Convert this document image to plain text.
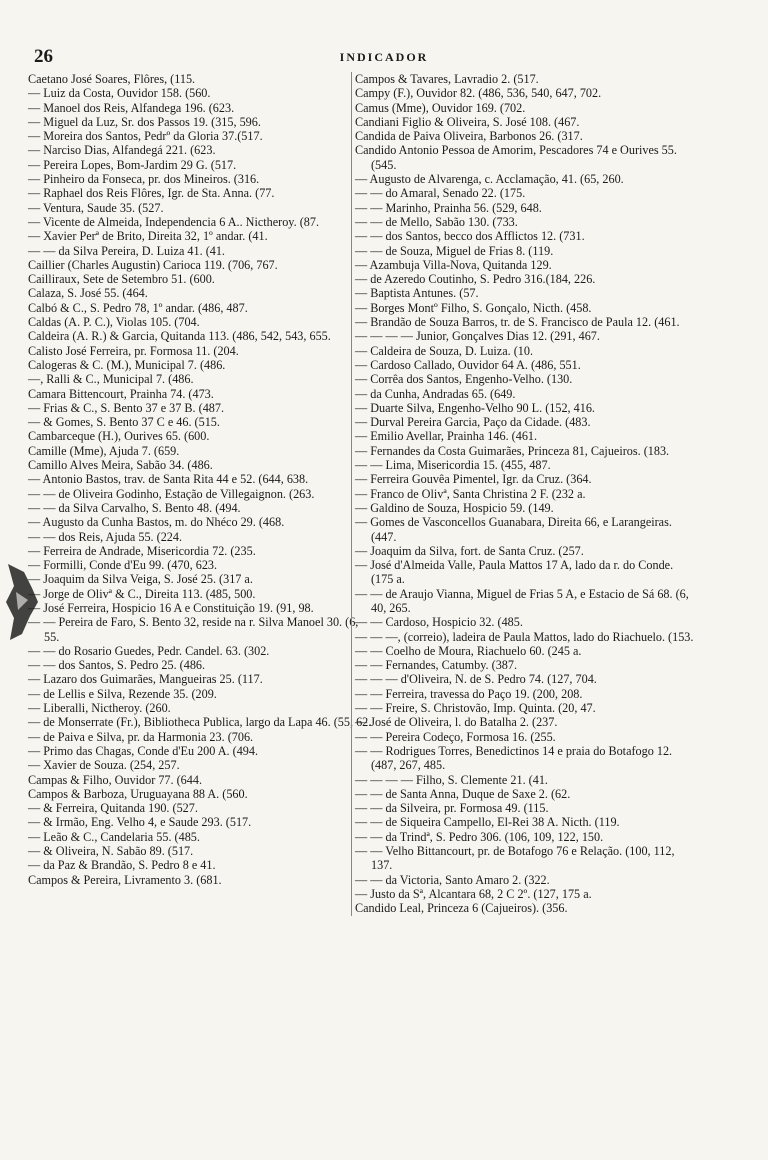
26	INDICADOR

Caetano José Soares, Flôres, (115.

— Luiz da Costa, Ouvidor 158. (560.

— Manoel dos Reis, Alfandega 196. (623.

— Miguel da Luz, Sr. dos Passos 19. (315, 596.

— Moreira dos Santos, Pedrº da Gloria 37.(517.

— Narciso Dias, Alfandegá 221. (623.

— Pereira Lopes, Bom-Jardim 29 G. (517.

— Pinheiro da Fonseca, pr. dos Mineiros. (316.

— Raphael dos Reis Flôres, Igr. de Sta. Anna. (77.

— Ventura, Saude 35. (527.

— Vicente de Almeida, Independencia 6 A.. Nictheroy. (87.

— Xavier Perª de Brito, Direita 32, 1º andar. (41.

— — da Silva Pereira, D. Luiza 41. (41.

Caillier (Charles Augustin) Carioca 119. (706, 767.

Cailliraux, Sete de Setembro 51. (600.

Calaza, S. José 55. (464.

Calbó & C., S. Pedro 78, 1º andar. (486, 487.

Caldas (A. P. C.), Violas 105. (704.

Caldeira (A. R.) & Garcia, Quitanda 113. (486, 542, 543, 655.

Calisto José Ferreira, pr. Formosa 11. (204.

Calogeras & C. (M.), Municipal 7. (486.

—, Ralli & C., Municipal 7. (486.

Camara Bittencourt, Prainha 74. (473.

— Frias & C., S. Bento 37 e 37 B. (487.

— & Gomes, S. Bento 37 C e 46. (515.

Cambarceque (H.), Ourives 65. (600.

Camille (Mme), Ajuda 7. (659.

Camillo Alves Meira, Sabão 34. (486.

— Antonio Bastos, trav. de Santa Rita 44 e 52. (644, 638.

— — de Oliveira Godinho, Estação de Villegaignon. (263.

— — da Silva Carvalho, S. Bento 48. (494.

— Augusto da Cunha Bastos, m. do Nhéco 29. (468.

— — dos Reis, Ajuda 55. (224.

— Ferreira de Andrade, Misericordia 72. (235.

— Formilli, Conde d'Eu 99. (470, 623.

— Joaquim da Silva Veiga, S. José 25. (317 a.

— Jorge de Olivª & C., Direita 113. (485, 500.

— José Ferreira, Hospicio 16 A e Constituição 19. (91, 98.

— — Pereira de Faro, S. Bento 32, reside na r. Silva Manoel 30. (6, 55.

— — do Rosario Guedes, Pedr. Candel. 63. (302.

— — dos Santos, S. Pedro 25. (486.

— Lazaro dos Guimarães, Mangueiras 25. (117.

— de Lellis e Silva, Rezende 35. (209.

— Liberalli, Nictheroy. (260.

— de Monserrate (Fr.), Bibliotheca Publica, largo da Lapa 46. (55, 62.

— de Paiva e Silva, pr. da Harmonia 23. (706.

— Primo das Chagas, Conde d'Eu 200 A. (494.

— Xavier de Souza. (254, 257.

Campas & Filho, Ouvidor 77. (644.

Campos & Barboza, Uruguayana 88 A. (560.

— & Ferreira, Quitanda 190. (527.

— & Irmão, Eng. Velho 4, e Saude 293. (517.

— Leão & C., Candelaria 55. (485.

— & Oliveira, N. Sabão 89. (517.

— da Paz & Brandão, S. Pedro 8 e 41.

Campos & Pereira, Livramento 3. (681.

Campos & Tavares, Lavradio 2. (517.

Campy (F.), Ouvidor 82. (486, 536, 540, 647, 702.

Camus (Mme), Ouvidor 169. (702.

Candiani Figlio & Oliveira, S. José 108. (467.

Candida de Paiva Oliveira, Barbonos 26. (317.

Candido Antonio Pessoa de Amorim, Pescadores 74 e Ourives 55. (545.

— Augusto de Alvarenga, c. Acclamação, 41. (65, 260.

— — do Amaral, Senado 22. (175.

— — Marinho, Prainha 56. (529, 648.

— — de Mello, Sabão 130. (733.

— — dos Santos, becco dos Afflictos 12. (731.

— — de Souza, Miguel de Frias 8. (119.

— Azambuja Villa-Nova, Quitanda 129.

— de Azeredo Coutinho, S. Pedro 316.(184, 226.

— Baptista Antunes. (57.

— Borges Montº Filho, S. Gonçalo, Nicth. (458.

— Brandão de Souza Barros, tr. de S. Francisco de Paula 12. (461.

— — — — Junior, Gonçalves Dias 12. (291, 467.

— Caldeira de Souza, D. Luiza. (10.

— Cardoso Callado, Ouvidor 64 A. (486, 551.

— Corrêa dos Santos, Engenho-Velho. (130.

— da Cunha, Andradas 65. (649.

— Duarte Silva, Engenho-Velho 90 L. (152, 416.

— Durval Pereira Garcia, Paço da Cidade. (483.

— Emilio Avellar, Prainha 146. (461.

— Fernandes da Costa Guimarães, Princeza 81, Cajueiros. (183.

— — Lima, Misericordia 15. (455, 487.

— Ferreira Gouvêa Pimentel, Igr. da Cruz. (364.

— Franco de Olivª, Santa Christina 2 F. (232 a.

— Galdino de Souza, Hospicio 59. (149.

— Gomes de Vasconcellos Guanabara, Direita 66, e Larangeiras. (447.

— Joaquim da Silva, fort. de Santa Cruz. (257.

— José d'Almeida Valle, Paula Mattos 17 A, lado da r. do Conde. (175 a.

— — de Araujo Vianna, Miguel de Frias 5 A, e Estacio de Sá 68. (6, 40, 265.

— — Cardoso, Hospicio 32. (485.

— — —, (correio), ladeira de Paula Mattos, lado do Riachuelo. (153.

— — Coelho de Moura, Riachuelo 60. (245 a.

— — Fernandes, Catumby. (387.

— — — d'Oliveira, N. de S. Pedro 74. (127, 704.

— — Ferreira, travessa do Paço 19. (200, 208.

— — Freire, S. Christovão, Imp. Quinta. (20, 47.

— José de Oliveira, l. do Batalha 2. (237.

— — Pereira Codeço, Formosa 16. (255.

— — Rodrigues Torres, Benedictinos 14 e praia do Botafogo 12. (487, 267, 485.

— — — — Filho, S. Clemente 21. (41.

— — de Santa Anna, Duque de Saxe 2. (62.

— — da Silveira, pr. Formosa 49. (115.

— — de Siqueira Campello, El-Rei 38 A. Nicth. (119.

— — da Trindª, S. Pedro 306. (106, 109, 122, 150.

— — Velho Bittancourt, pr. de Botafogo 76 e Relação. (100, 112, 137.

— — da Victoria, Santo Amaro 2. (322.

— Justo da Sª, Alcantara 68, 2 C 2º. (127, 175 a.

Candido Leal, Princeza 6 (Cajueiros). (356.
